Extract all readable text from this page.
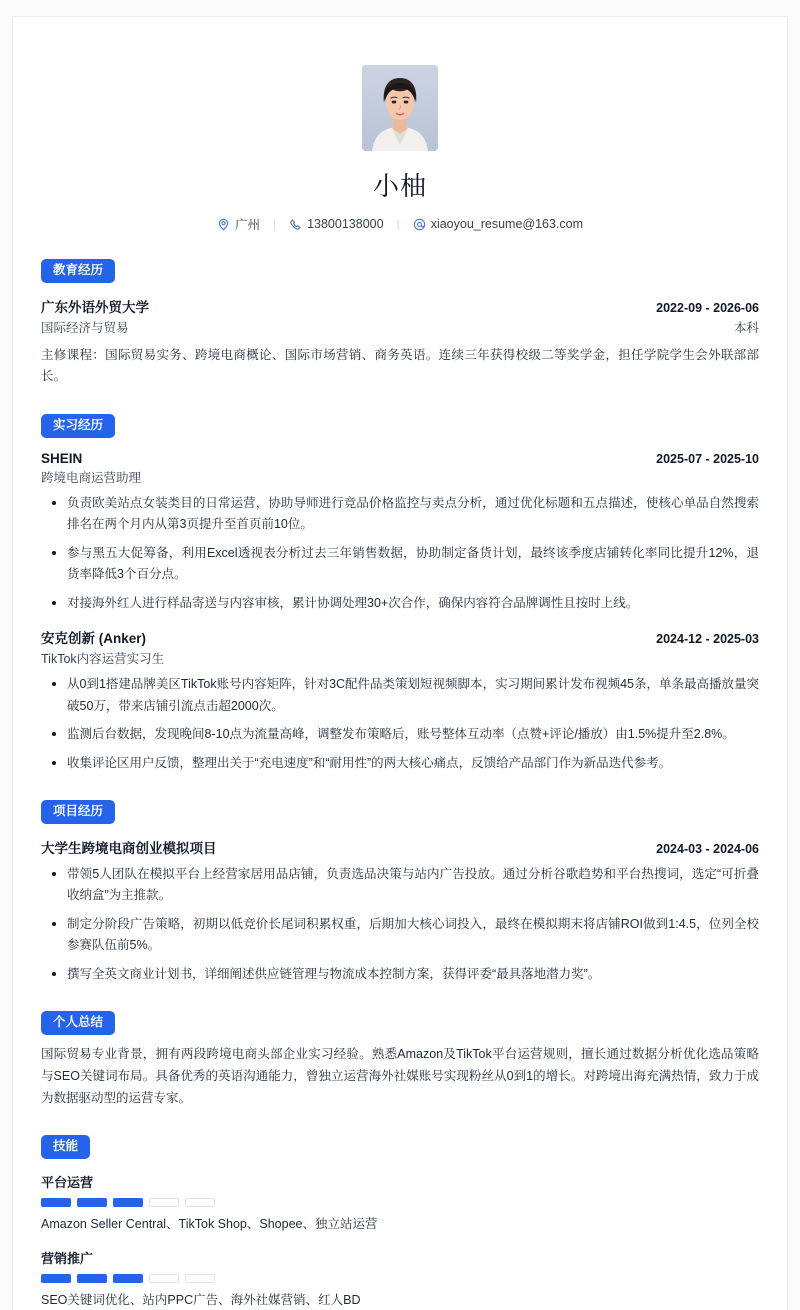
小柚
广州 | 13800138000 | xiaoyou_resume@163.com
教育经历
广东外语外贸大学	2022-09 - 2026-06
国际经济与贸易	本科

主修课程：国际贸易实务、跨境电商概论、国际市场营销、商务英语。连续三年获得校级二等奖学金，担任学院学生会外联部部长。

实习经历
SHEIN	2025-07 - 2025-10
跨境电商运营助理
负责欧美站点女装类目的日常运营，协助导师进行竞品价格监控与卖点分析，通过优化标题和五点描述，使核心单品自然搜索排名在两个月内从第3页提升至首页前10位。
参与黑五大促筹备，利用Excel透视表分析过去三年销售数据，协助制定备货计划，最终该季度店铺转化率同比提升12%，退货率降低3个百分点。
对接海外红人进行样品寄送与内容审核，累计协调处理30+次合作，确保内容符合品牌调性且按时上线。
安克创新 (Anker)	2024-12 - 2025-03
TikTok内容运营实习生
从0到1搭建品牌美区TikTok账号内容矩阵，针对3C配件品类策划短视频脚本，实习期间累计发布视频45条，单条最高播放量突破50万，带来店铺引流点击超2000次。
监测后台数据，发现晚间8-10点为流量高峰，调整发布策略后，账号整体互动率（点赞+评论/播放）由1.5%提升至2.8%。
收集评论区用户反馈，整理出关于“充电速度”和“耐用性”的两大核心痛点，反馈给产品部门作为新品迭代参考。
项目经历
大学生跨境电商创业模拟项目	2024-03 - 2024-06
带领5人团队在模拟平台上经营家居用品店铺，负责选品决策与站内广告投放。通过分析谷歌趋势和平台热搜词，选定“可折叠收纳盒”为主推款。
制定分阶段广告策略，初期以低竞价长尾词积累权重，后期加大核心词投入，最终在模拟期末将店铺ROI做到1:4.5，位列全校参赛队伍前5%。
撰写全英文商业计划书，详细阐述供应链管理与物流成本控制方案，获得评委“最具落地潜力奖”。
个人总结

国际贸易专业背景，拥有两段跨境电商头部企业实习经验。熟悉Amazon及TikTok平台运营规则，擅长通过数据分析优化选品策略与SEO关键词布局。具备优秀的英语沟通能力，曾独立运营海外社媒账号实现粉丝从0到1的增长。对跨境出海充满热情，致力于成为数据驱动型的运营专家。

技能
平台运营
Amazon Seller Central、TikTok Shop、Shopee、独立站运营
营销推广
SEO关键词优化、站内PPC广告、海外社媒营销、红人BD
